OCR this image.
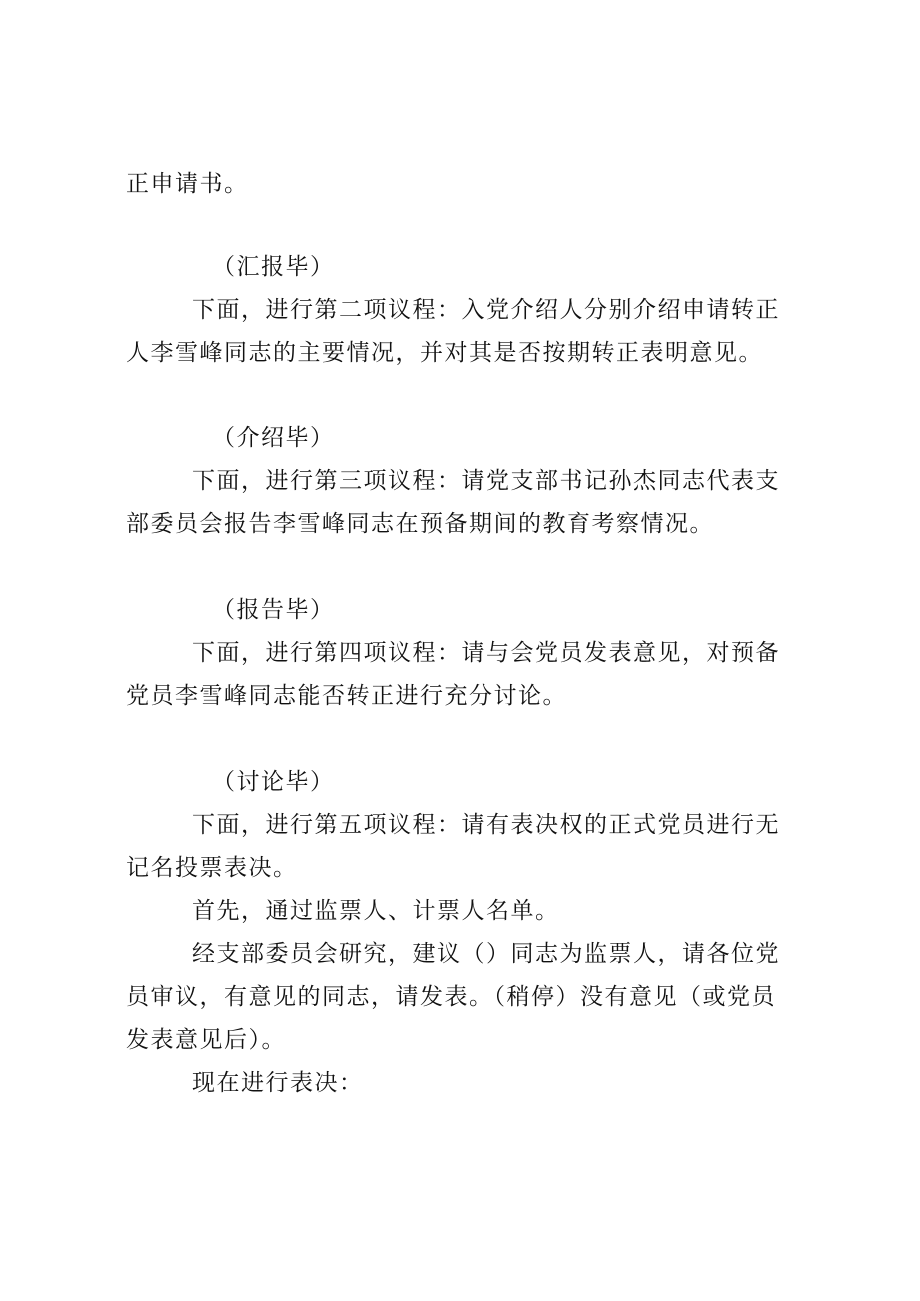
正申请书。

（汇报毕）

下面，进行第二项议程：入党介绍人分别介绍申请转正

人李雪峰同志的主要情况，并对其是否按期转正表明意见。

（介绍毕）

下面，进行第三项议程：请党支部书记孙杰同志代表支

部委员会报告李雪峰同志在预备期间的教育考察情况。

（报告毕）

下面，进行第四项议程：请与会党员发表意见，对预备

党员李雪峰同志能否转正进行充分讨论。

（讨论毕）

下面，进行第五项议程：请有表决权的正式党员进行无

记名投票表决。

首先，通过监票人、计票人名单。

经支部委员会研究，建议（）同志为监票人，请各位党

员审议，有意见的同志，请发表。（稍停）没有意见（或党员

发表意见后）。

现在进行表决：
